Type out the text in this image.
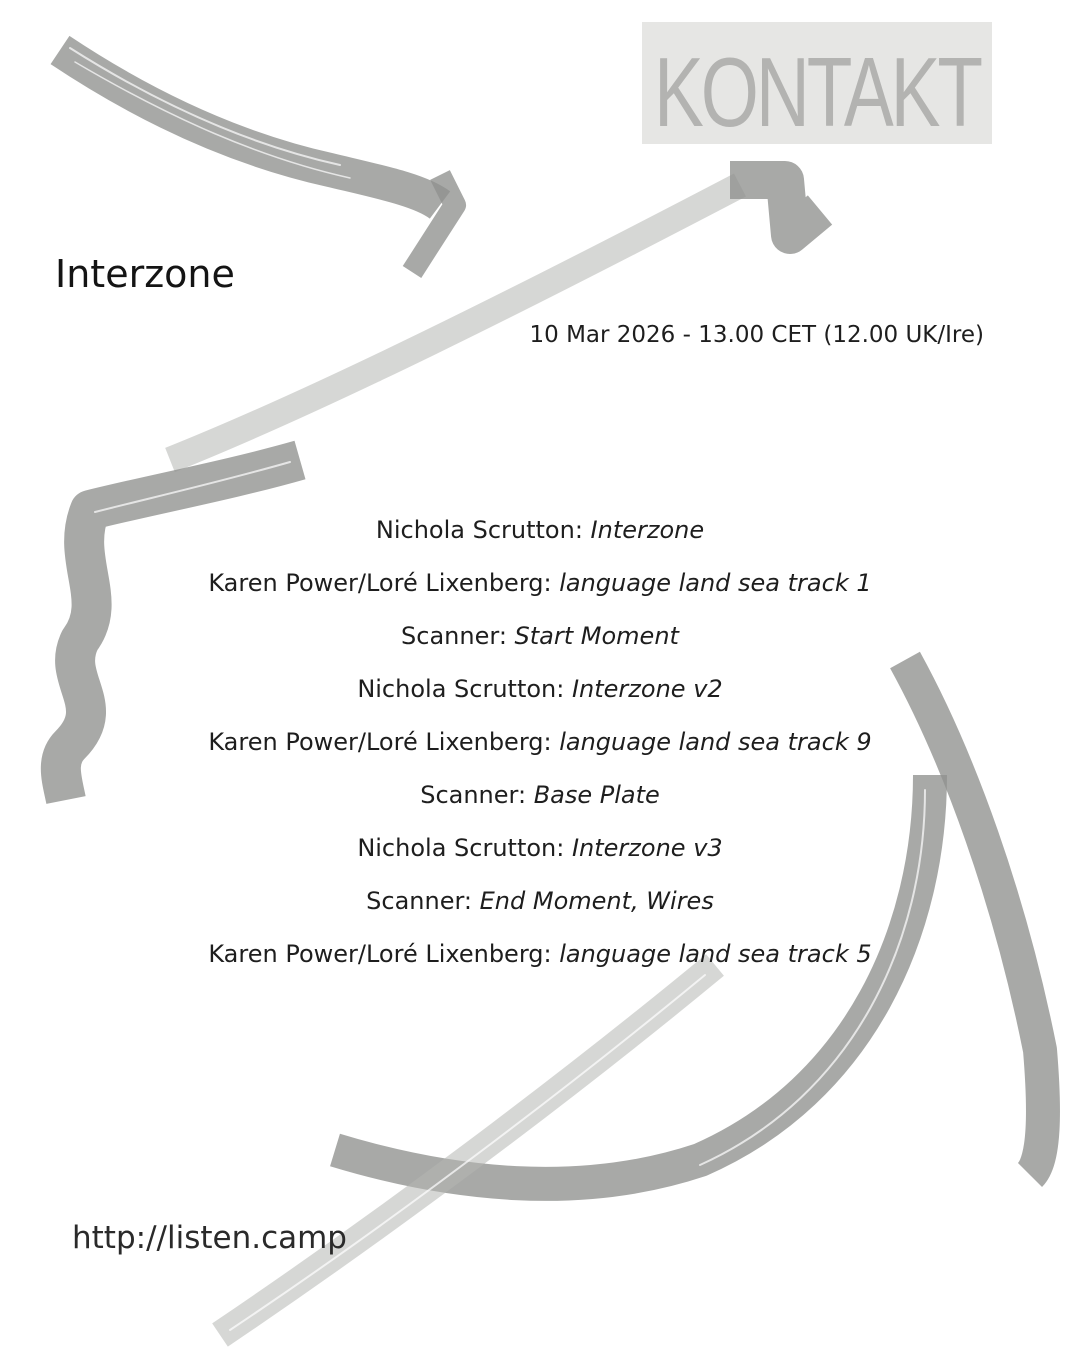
KONTAKT
Interzone
10 Mar 2026 - 13.00 CET (12.00 UK/Ire)
Nichola Scrutton: Interzone
Karen Power/Loré Lixenberg: language land sea track 1
Scanner: Start Moment
Nichola Scrutton: Interzone v2
Karen Power/Loré Lixenberg: language land sea track 9
Scanner: Base Plate
Nichola Scrutton: Interzone v3
Scanner: End Moment, Wires
Karen Power/Loré Lixenberg: language land sea track 5
http://listen.camp
